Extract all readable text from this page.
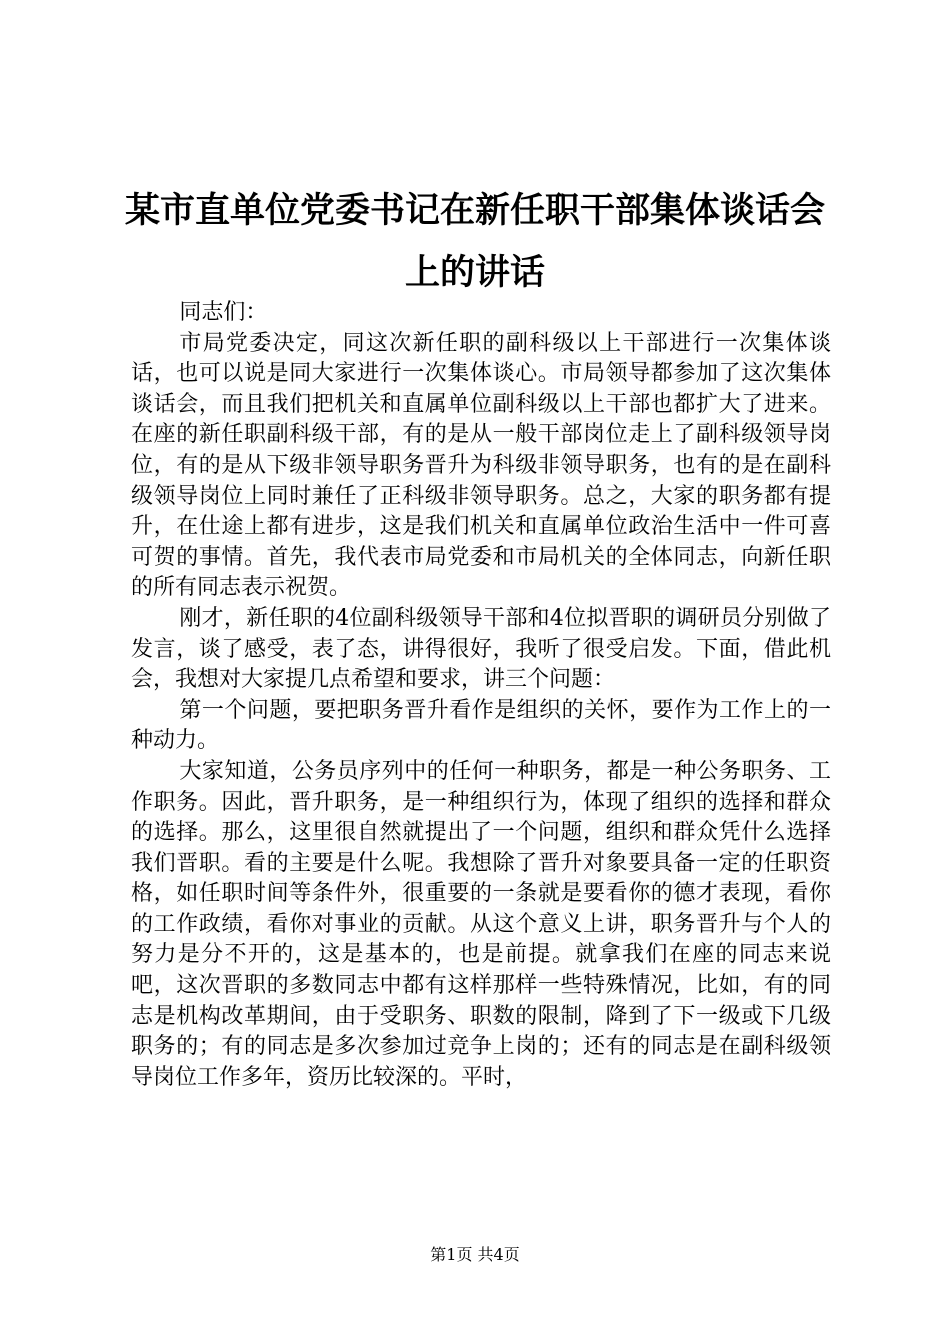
某市直单位党委书记在新任职干部集体谈话会上的讲话

同志们：

市局党委决定，同这次新任职的副科级以上干部进行一次集体谈话，也可以说是同大家进行一次集体谈心。市局领导都参加了这次集体谈话会，而且我们把机关和直属单位副科级以上干部也都扩大了进来。在座的新任职副科级干部，有的是从一般干部岗位走上了副科级领导岗位，有的是从下级非领导职务晋升为科级非领导职务，也有的是在副科级领导岗位上同时兼任了正科级非领导职务。总之，大家的职务都有提升，在仕途上都有进步，这是我们机关和直属单位政治生活中一件可喜可贺的事情。首先，我代表市局党委和市局机关的全体同志，向新任职的所有同志表示祝贺。

刚才，新任职的4位副科级领导干部和4位拟晋职的调研员分别做了发言，谈了感受，表了态，讲得很好，我听了很受启发。下面，借此机会，我想对大家提几点希望和要求，讲三个问题：

第一个问题，要把职务晋升看作是组织的关怀，要作为工作上的一种动力。

大家知道，公务员序列中的任何一种职务，都是一种公务职务、工作职务。因此，晋升职务，是一种组织行为，体现了组织的选择和群众的选择。那么，这里很自然就提出了一个问题，组织和群众凭什么选择我们晋职。看的主要是什么呢。我想除了晋升对象要具备一定的任职资格，如任职时间等条件外，很重要的一条就是要看你的德才表现，看你的工作政绩，看你对事业的贡献。从这个意义上讲，职务晋升与个人的努力是分不开的，这是基本的，也是前提。就拿我们在座的同志来说吧，这次晋职的多数同志中都有这样那样一些特殊情况，比如，有的同志是机构改革期间，由于受职务、职数的限制，降到了下一级或下几级职务的；有的同志是多次参加过竞争上岗的；还有的同志是在副科级领导岗位工作多年，资历比较深的。平时，

第1页 共4页
